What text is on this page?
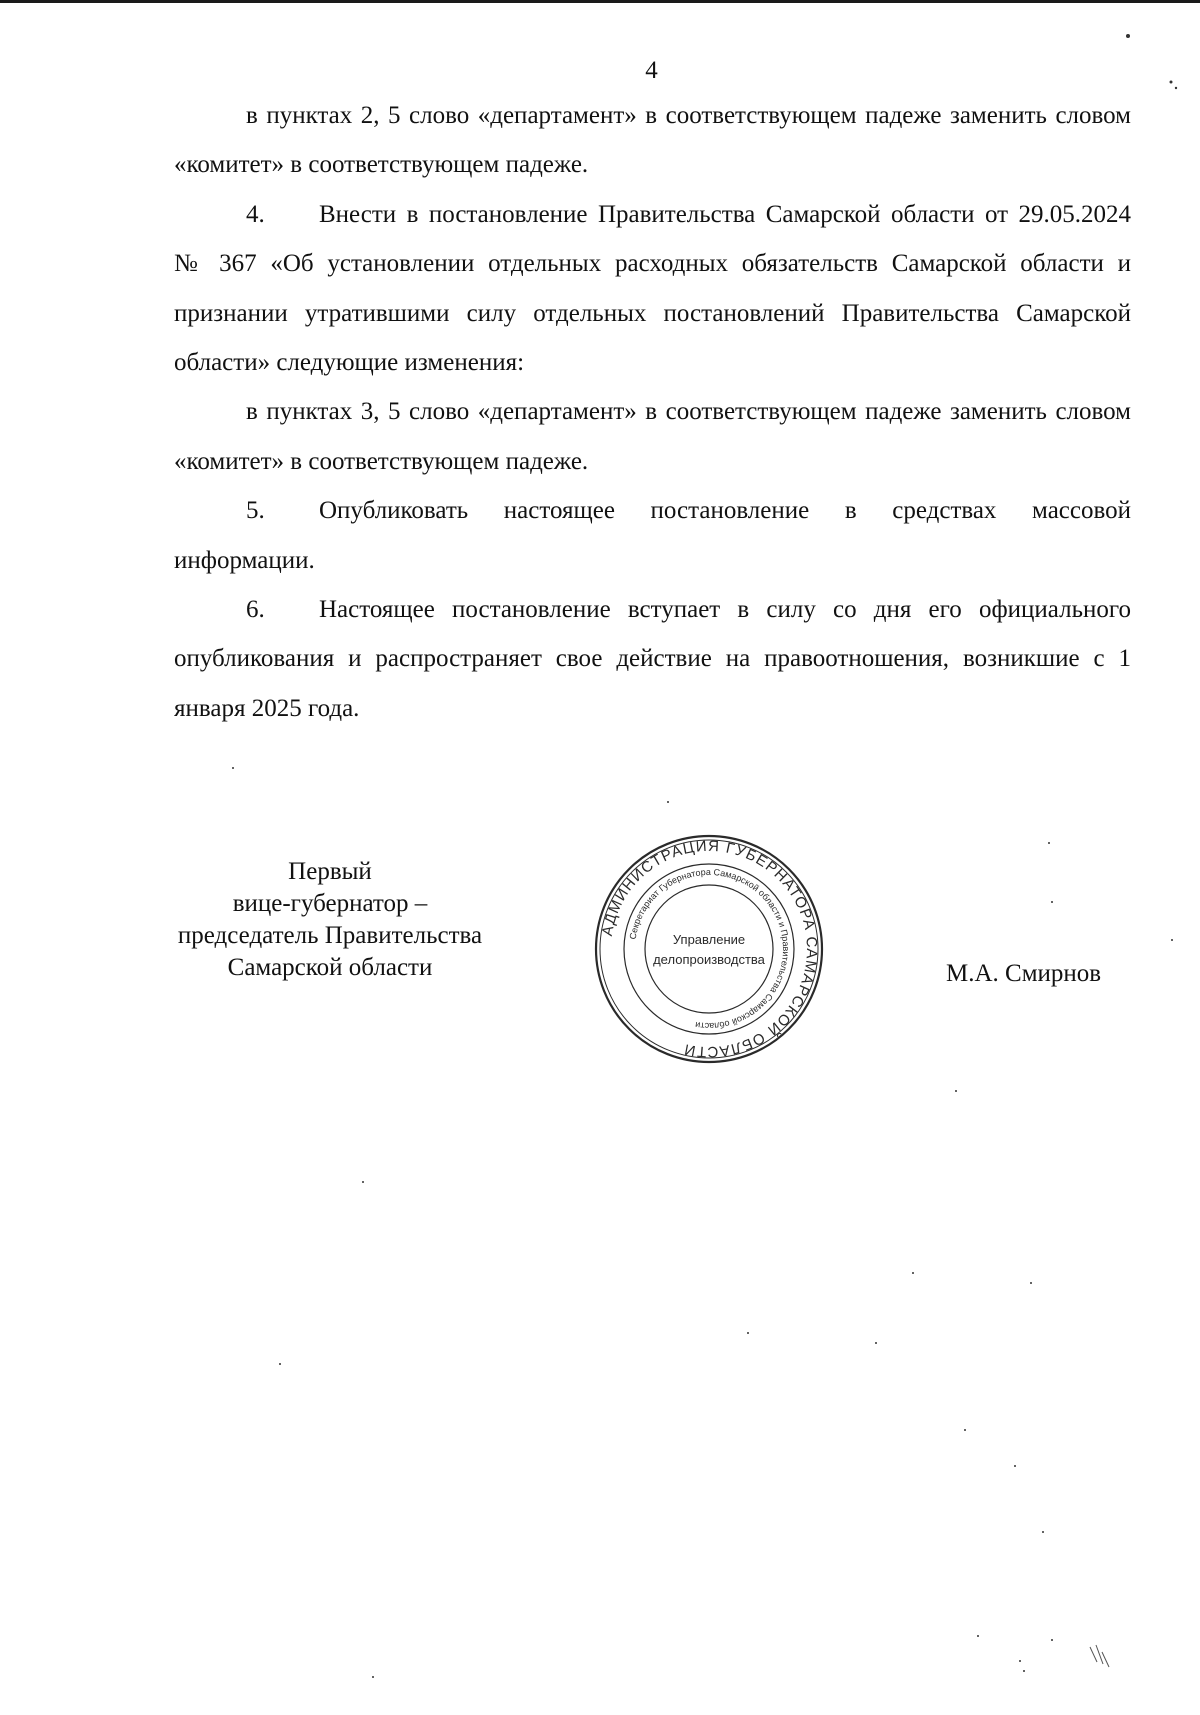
4

в пунктах 2, 5 слово «департамент» в соответствующем падеже заменить словом «комитет» в соответствующем падеже.

4. Внести в постановление Правительства Самарской области от 29.05.2024 № 367 «Об установлении отдельных расходных обязательств Самарской области и признании утратившими силу отдельных постановлений Правительства Самарской области» следующие изменения:

в пунктах 3, 5 слово «департамент» в соответствующем падеже заменить словом «комитет» в соответствующем падеже.

5. Опубликовать настоящее постановление в средствах массовой информации.

6. Настоящее постановление вступает в силу со дня его официального опубликования и распространяет свое действие на правоотношения, возникшие с 1 января 2025 года.

Первый
вице-губернатор –
председатель Правительства
Самарской области
АДМИНИСТРАЦИЯ ГУБЕРНАТОРА САМАРСКОЙ ОБЛАСТИ
Секретариат Губернатора Самарской области и Правительства Самарской области
Управление
делопроизводства
М.А. Смирнов
